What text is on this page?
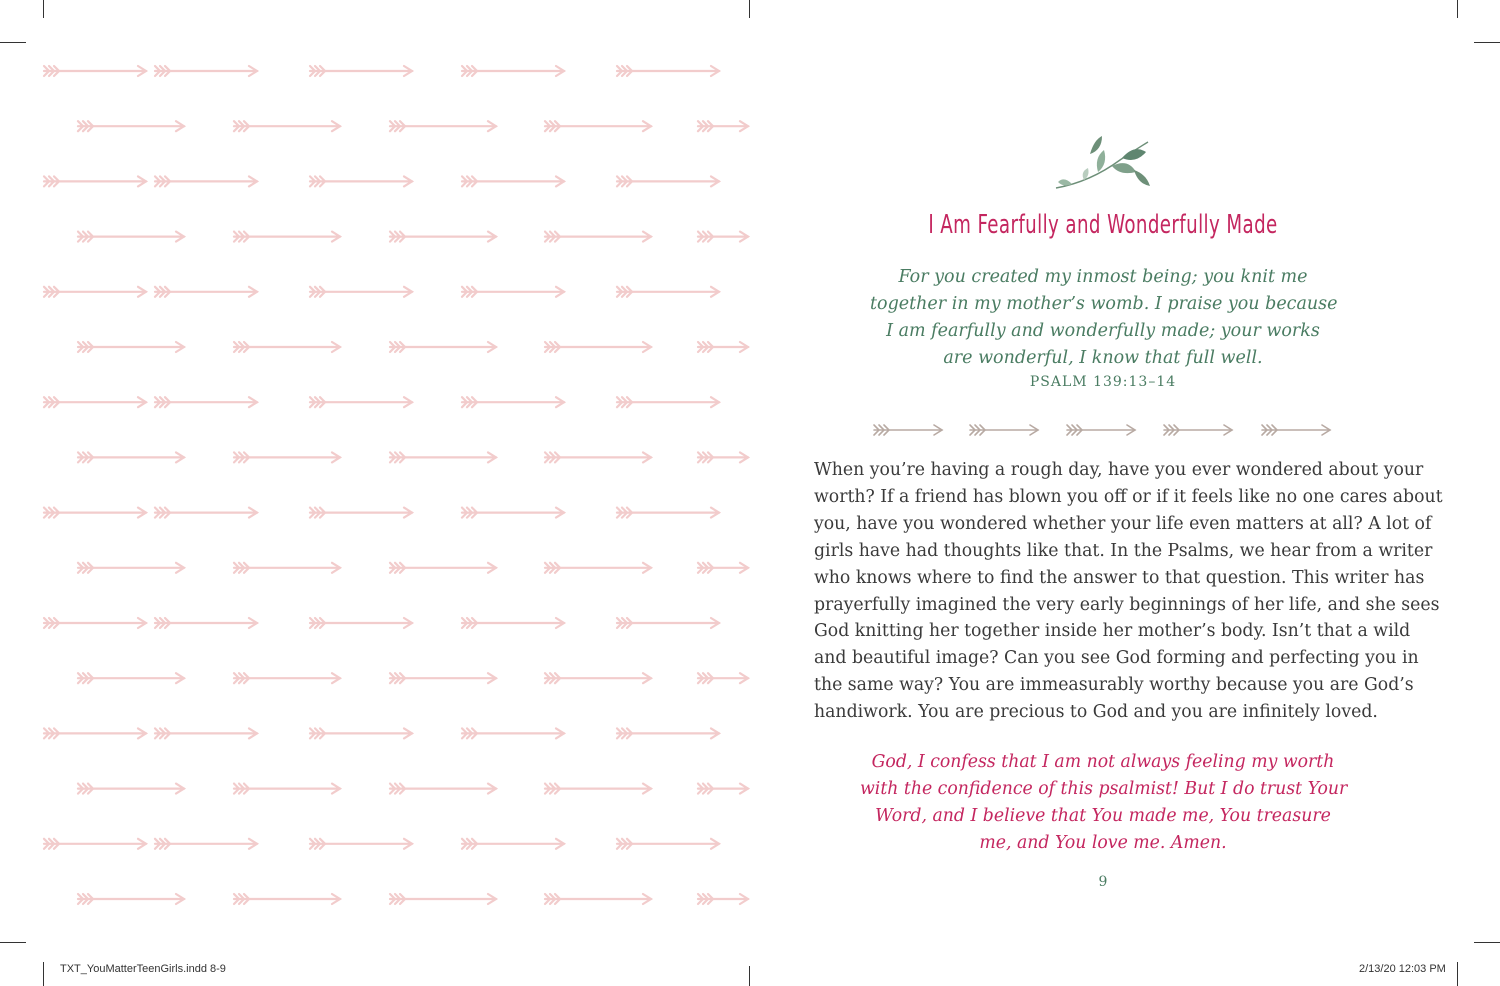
I Am Fearfully and Wonderfully Made
For you created my inmost being; you knit me
together in my mother’s womb. I praise you because
I am fearfully and wonderfully made; your works
are wonderful, I know that full well.
PSALM 139:13–14
When you’re having a rough day, have you ever wondered about your
worth? If a friend has blown you off or if it feels like no one cares about
you, have you wondered whether your life even matters at all? A lot of
girls have had thoughts like that. In the Psalms, we hear from a writer
who knows where to find the answer to that question. This writer has
prayerfully imagined the very early beginnings of her life, and she sees
God knitting her together inside her mother’s body. Isn’t that a wild
and beautiful image? Can you see God forming and perfecting you in
the same way? You are immeasurably worthy because you are God’s
handiwork. You are precious to God and you are infinitely loved.
God, I confess that I am not always feeling my worth
with the confidence of this psalmist! But I do trust Your
Word, and I believe that You made me, You treasure
me, and You love me. Amen.
9
TXT_YouMatterTeenGirls.indd 8-9	2/13/20 12:03 PM
